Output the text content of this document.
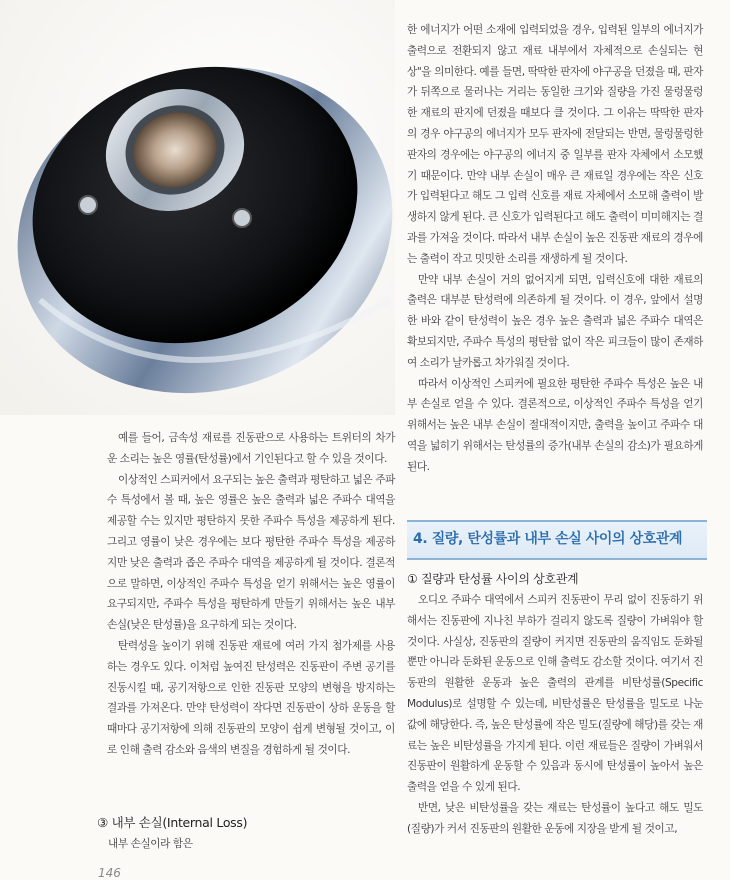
한 에너지가 어떤 소재에 입력되었을 경우, 입력된 일부의 에너지가 출력으로 전환되지 않고 재료 내부에서 자체적으로 손실되는 현상"을 의미한다. 예를 들면, 딱딱한 판자에 야구공을 던졌을 때, 판자가 뒤쪽으로 물러나는 거리는 동일한 크기와 질량을 가진 물렁물렁한 재료의 판지에 던졌을 때보다 클 것이다. 그 이유는 딱딱한 판자의 경우 야구공의 에너지가 모두 판자에 전달되는 반면, 물렁물렁한 판자의 경우에는 야구공의 에너지 중 일부를 판자 자체에서 소모했기 때문이다. 만약 내부 손실이 매우 큰 재료일 경우에는 작은 신호가 입력된다고 해도 그 입력 신호를 재료 자체에서 소모해 출력이 발생하지 않게 된다. 큰 신호가 입력된다고 해도 출력이 미미해지는 결과를 가져올 것이다. 따라서 내부 손실이 높은 진동판 재료의 경우에는 출력이 작고 밋밋한 소리를 재생하게 될 것이다.

만약 내부 손실이 거의 없어지게 되면, 입력신호에 대한 재료의 출력은 대부분 탄성력에 의존하게 될 것이다. 이 경우, 앞에서 설명한 바와 같이 탄성력이 높은 경우 높은 출력과 넓은 주파수 대역은 확보되지만, 주파수 특성의 평탄함 없이 작은 피크들이 많이 존재하여 소리가 날카롭고 차가워질 것이다.

따라서 이상적인 스피커에 필요한 평탄한 주파수 특성은 높은 내부 손실로 얻을 수 있다. 결론적으로, 이상적인 주파수 특성을 얻기 위해서는 높은 내부 손실이 절대적이지만, 출력을 높이고 주파수 대역을 넓히기 위해서는 탄성률의 증가(내부 손실의 감소)가 필요하게 된다.

예를 들어, 금속성 재료를 진동판으로 사용하는 트위터의 차가운 소리는 높은 영률(탄성률)에서 기인된다고 할 수 있을 것이다.

이상적인 스피커에서 요구되는 높은 출력과 평탄하고 넓은 주파수 특성에서 볼 때, 높은 영률은 높은 출력과 넓은 주파수 대역을 제공할 수는 있지만 평탄하지 못한 주파수 특성을 제공하게 된다. 그리고 영률이 낮은 경우에는 보다 평탄한 주파수 특성을 제공하지만 낮은 출력과 좁은 주파수 대역을 제공하게 될 것이다. 결론적으로 말하면, 이상적인 주파수 특성을 얻기 위해서는 높은 영률이 요구되지만, 주파수 특성을 평탄하게 만들기 위해서는 높은 내부 손실(낮은 탄성률)을 요구하게 되는 것이다.

탄력성을 높이기 위해 진동판 재료에 여러 가지 첨가제를 사용하는 경우도 있다. 이처럼 높여진 탄성력은 진동판이 주변 공기를 진동시킬 때, 공기저항으로 인한 진동판 모양의 변형을 방지하는 결과를 가져온다. 만약 탄성력이 작다면 진동판이 상하 운동을 할 때마다 공기저항에 의해 진동판의 모양이 쉽게 변형될 것이고, 이로 인해 출력 감소와 음색의 변질을 경험하게 될 것이다.

③ 내부 손실(Internal Loss)

내부 손실이라 함은

4. 질량, 탄성률과 내부 손실 사이의 상호관계

① 질량과 탄성률 사이의 상호관계

오디오 주파수 대역에서 스피커 진동판이 무리 없이 진동하기 위해서는 진동판에 지나친 부하가 걸리지 않도록 질량이 가벼워야 할 것이다. 사실상, 진동판의 질량이 커지면 진동판의 움직임도 둔화될 뿐만 아니라 둔화된 운동으로 인해 출력도 감소할 것이다. 여기서 진동판의 원활한 운동과 높은 출력의 관계를 비탄성률(Specific Modulus)로 설명할 수 있는데, 비탄성률은 탄성률을 밀도로 나눈 값에 해당한다. 즉, 높은 탄성률에 작은 밀도(질량에 해당)를 갖는 재료는 높은 비탄성률을 가지게 된다. 이런 재료들은 질량이 가벼워서 진동판이 원활하게 운동할 수 있음과 동시에 탄성률이 높아서 높은 출력을 얻을 수 있게 된다.

반면, 낮은 비탄성률을 갖는 재료는 탄성률이 높다고 해도 밀도(질량)가 커서 진동판의 원활한 운동에 지장을 받게 될 것이고,

146
